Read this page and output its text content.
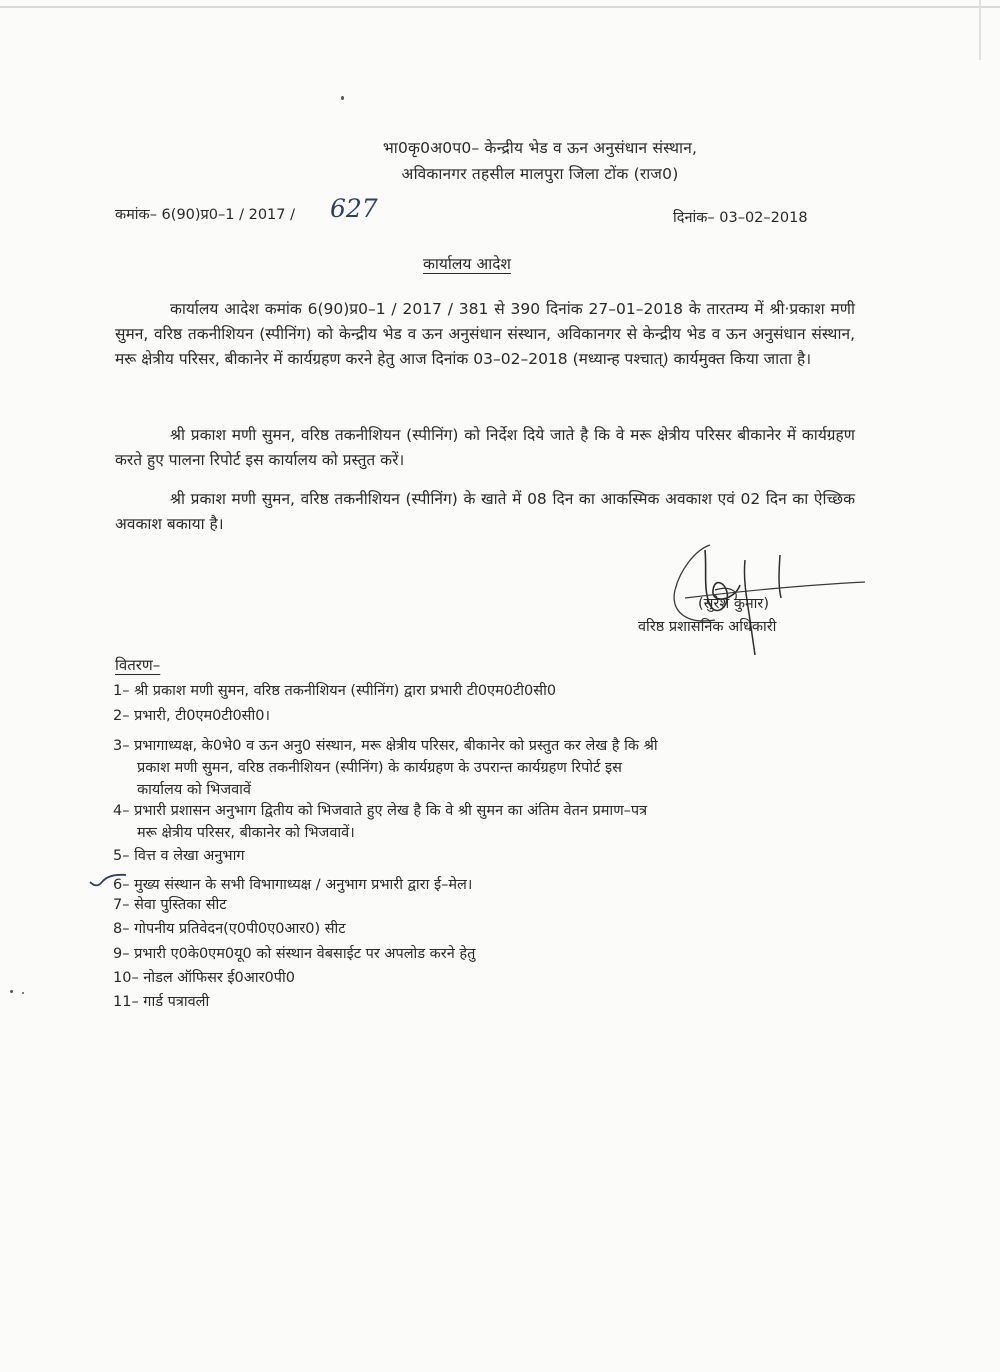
भा0कृ0अ0प0– केन्द्रीय भेड व ऊन अनुसंधान संस्थान,
अविकानगर तहसील मालपुरा जिला टोंक (राज0)
कमांक– 6(90)प्र0–1 / 2017 / 627	दिनांक– 03–02–2018
कार्यालय आदेश
कार्यालय आदेश कमांक 6(90)प्र0–1 / 2017 / 381 से 390 दिनांक 27–01–2018 के तारतम्य में श्री·प्रकाश मणी सुमन, वरिष्ठ तकनीशियन (स्पीनिंग) को केन्द्रीय भेड व ऊन अनुसंधान संस्थान, अविकानगर से केन्द्रीय भेड व ऊन अनुसंधान संस्थान, मरू क्षेत्रीय परिसर, बीकानेर में कार्यग्रहण करने हेतु आज दिनांक 03–02–2018 (मध्यान्ह पश्चात्) कार्यमुक्त किया जाता है।
श्री प्रकाश मणी सुमन, वरिष्ठ तकनीशियन (स्पीनिंग) को निर्देश दिये जाते है कि वे मरू क्षेत्रीय परिसर बीकानेर में कार्यग्रहण करते हुए पालना रिपोर्ट इस कार्यालय को प्रस्तुत करें।
श्री प्रकाश मणी सुमन, वरिष्ठ तकनीशियन (स्पीनिंग) के खाते में 08 दिन का आकस्मिक अवकाश एवं 02 दिन का ऐच्छिक अवकाश बकाया है।
(सुरेश कुमार)
वरिष्ठ प्रशासनिक अधिकारी
वितरण–
1– श्री प्रकाश मणी सुमन, वरिष्ठ तकनीशियन (स्पीनिंग) द्वारा प्रभारी टी0एम0टी0सी0
2– प्रभारी, टी0एम0टी0सी0।
3– प्रभागाध्यक्ष, के0भे0 व ऊन अनु0 संस्थान, मरू क्षेत्रीय परिसर, बीकानेर को प्रस्तुत कर लेख है कि श्री
प्रकाश मणी सुमन, वरिष्ठ तकनीशियन (स्पीनिंग) के कार्यग्रहण के उपरान्त कार्यग्रहण रिपोर्ट इस
कार्यालय को भिजवावें
4– प्रभारी प्रशासन अनुभाग द्वितीय को भिजवाते हुए लेख है कि वे श्री सुमन का अंतिम वेतन प्रमाण–पत्र
मरू क्षेत्रीय परिसर, बीकानेर को भिजवावें।
5– वित्त व लेखा अनुभाग
6– मुख्य संस्थान के सभी विभागाध्यक्ष / अनुभाग प्रभारी द्वारा ई–मेल।
7– सेवा पुस्तिका सीट
8– गोपनीय प्रतिवेदन(ए0पी0ए0आर0) सीट
9– प्रभारी ए0के0एम0यू0 को संस्थान वेबसाईट पर अपलोड करने हेतु
10– नोडल ऑफिसर ई0आर0पी0
11– गार्ड पत्रावली
